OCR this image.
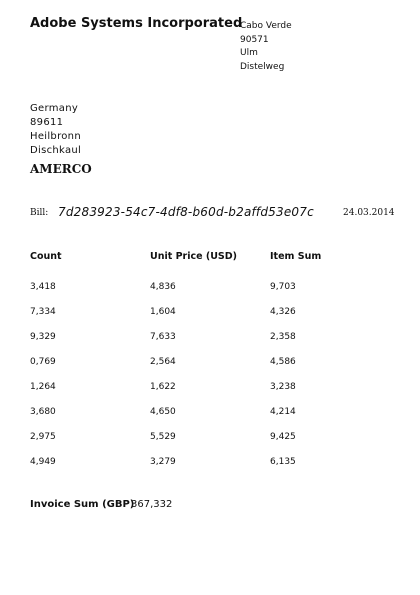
Adobe Systems Incorporated
Cabo Verde
90571
Ulm
Distelweg
Germany
89611
Heilbronn
Dischkaul
AMERCO
Bill: 7d283923-54c7-4df8-b60d-b2affd53e07c	24.03.2014
Count	Unit Price (USD)	Item Sum
3,418	4,836	9,703
7,334	1,604	4,326
9,329	7,633	2,358
0,769	2,564	4,586
1,264	1,622	3,238
3,680	4,650	4,214
2,975	5,529	9,425
4,949	3,279	6,135
Invoice Sum (GBP)
367,332
